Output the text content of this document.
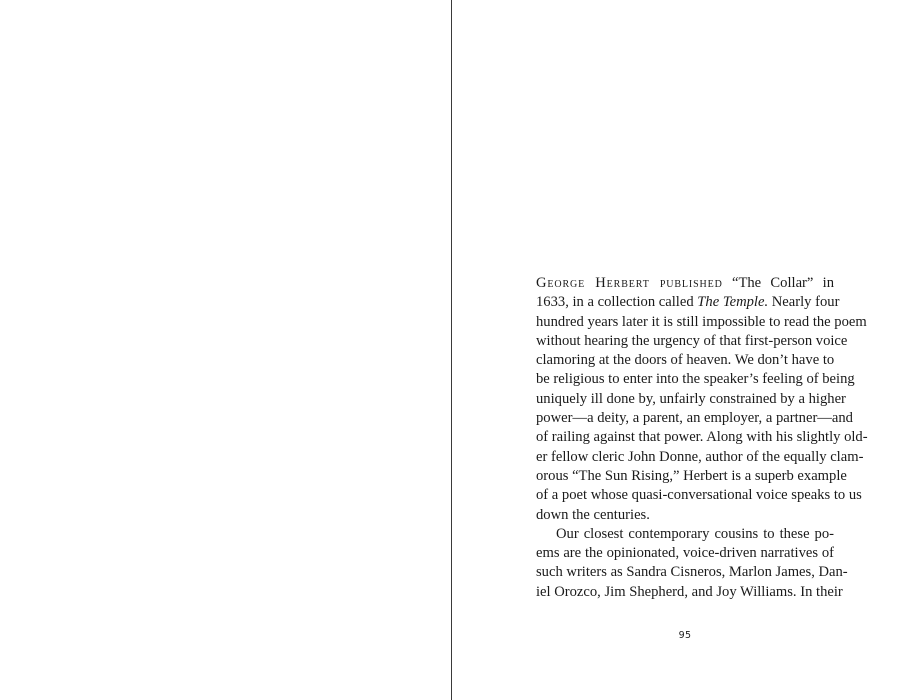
George Herbert published “The Collar” in
1633, in a collection called The Temple. Nearly four
hundred years later it is still impossible to read the poem
without hearing the urgency of that first-person voice
clamoring at the doors of heaven. We don’t have to
be religious to enter into the speaker’s feeling of being
uniquely ill done by, unfairly constrained by a higher
power—a deity, a parent, an employer, a partner—and
of railing against that power. Along with his slightly old-
er fellow cleric John Donne, author of the equally clam-
orous “The Sun Rising,” Herbert is a superb example
of a poet whose quasi-conversational voice speaks to us
down the centuries.
Our closest contemporary cousins to these po-
ems are the opinionated, voice-driven narratives of
such writers as Sandra Cisneros, Marlon James, Dan-
iel Orozco, Jim Shepherd, and Joy Williams. In their
95
